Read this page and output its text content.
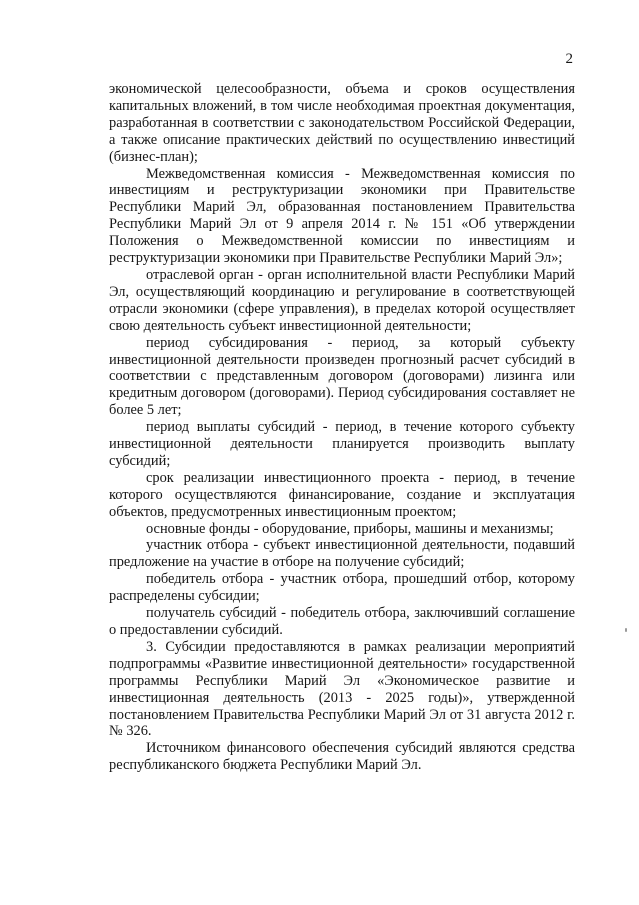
2

экономической целесообразности, объема и сроков осуществления капитальных вложений, в том числе необходимая проектная документация, разработанная в соответствии с законодательством Российской Федерации, а также описание практических действий по осуществлению инвестиций (бизнес-план);

Межведомственная комиссия - Межведомственная комиссия по инвестициям и реструктуризации экономики при Правительстве Республики Марий Эл, образованная постановлением Правительства Республики Марий Эл от 9 апреля 2014 г. № 151 «Об утверждении Положения о Межведомственной комиссии по инвестициям и реструктуризации экономики при Правительстве Республики Марий Эл»;

отраслевой орган - орган исполнительной власти Республики Марий Эл, осуществляющий координацию и регулирование в соответствующей отрасли экономики (сфере управления), в пределах которой осуществляет свою деятельность субъект инвестиционной деятельности;

период субсидирования - период, за который субъекту инвестиционной деятельности произведен прогнозный расчет субсидий в соответствии с представленным договором (договорами) лизинга или кредитным договором (договорами). Период субсидирования составляет не более 5 лет;

период выплаты субсидий - период, в течение которого субъекту инвестиционной деятельности планируется производить выплату субсидий;

срок реализации инвестиционного проекта - период, в течение которого осуществляются финансирование, создание и эксплуатация объектов, предусмотренных инвестиционным проектом;

основные фонды - оборудование, приборы, машины и механизмы;

участник отбора - субъект инвестиционной деятельности, подавший предложение на участие в отборе на получение субсидий;

победитель отбора - участник отбора, прошедший отбор, которому распределены субсидии;

получатель субсидий - победитель отбора, заключивший соглашение о предоставлении субсидий.

3. Субсидии предоставляются в рамках реализации мероприятий подпрограммы «Развитие инвестиционной деятельности» государственной программы Республики Марий Эл «Экономическое развитие и инвестиционная деятельность (2013 - 2025 годы)», утвержденной постановлением Правительства Республики Марий Эл от 31 августа 2012 г. № 326.

Источником финансового обеспечения субсидий являются средства республиканского бюджета Республики Марий Эл.
